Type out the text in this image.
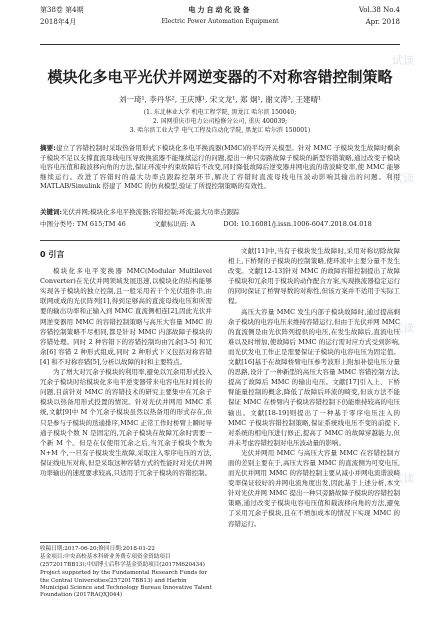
第38卷 第4期
2018年4月
电力自动化设备
Electric Power Automation Equipment
Vol.38 No.4
Apr. 2018
试读
试读
试读
试读
模块化多电平光伏并网逆变器的不对称容错控制策略
刘一琦¹, 李丹华², 王庆博¹, 宋文龙¹, 郑 炯¹, 谢文涛³, 王建晴¹
(1. 东北林业大学 机电工程学院, 黑龙江 哈尔滨 150040;
2. 国网重庆市电力公司检修分公司, 重庆 400039;
3. 哈尔滨工业大学 电气工程及自动化学院, 黑龙江 哈尔滨 150001)
摘要:建立了容错控制时采取热备用形式下模块化多电平换流器(MMC)的平均开关模型。针对 MMC 子模块发生故障时剩余子模块不足以支撑直流母线电压导致换流器不能继续运行的问题,提出一种只旁路故障子模块的新型容错策略,通过改变子模块电容电压值和载波移向角的方法,保证环流中约束故障后不改变,同时降低故障后逆变器并网电流的谐波畸变率,使 MMC 能够继续运行。改进了容错时的最大功率点跟踪控制环节,解决了容错时直流母线电压波动影响其输出的问题。利用 MATLAB/Simulink 搭建了 MMC 的仿真模型,验证了所提控制策略的有效性。
关键词:光伏并网;模块化多电平换流器;容错控制;环流;最大功率点跟踪
中图分类号: TM 615;TM 46	文献标识码: A	DOI: 10.16081/j.issn.1006-6047.2018.04.018
0 引言

模块化多电平变换器 MMC(Modular Multilevel Converter)在光伏并网领域发展迅速,以模块化的结构能够实现各子模块的独立控制,且一般采用若干个光伏组件串,由联网或成的光伏阵列[1],得到足够高的直流母线电压和所需要的输出功率和正输入到 MMC 直流侧相连[2],因此光伏并网逆变器用 MMC 的容错控制策略与高压大容量 MMC 的容错控制策略不尽相同,都是针对 MMC 内部故障子模块的容错处理。同时 2 种容错下的容错控制均由冗余[3-5] 和冗余[6] 容错 2 种形式组成,同时 2 种形式下又包括对称容错[4] 和不对称容错[5],分析以故障的时和主要特点。

为了增大对冗余子模块的利用率,避免以冗余用形式投入冗余子模块时给模块化多电平逆变器带来电容电压时间长的问题,目前针对 MMC 的容错技术的研究主要集中在冗余子模块以热备用形式投置的情况。针对光伏并网用 MMC 系统,文献[9]中 M 个冗余子模块虽然以热备用的形式存在,但只是参与子模块的迭通排序,MMC 正常工作时桥臂上瞬时导通子模块个数 N 是固定的,冗余子模块在故障冗余时需要一个新 M 个。但是在仅使用冗余之后,当冗余子模块个数为 N+M 个,一旦有子模块发生故障,采取注入零序电压的方法,保证线电压对称,但是采取这种容错方式的性能时对光伏并网功率输出的速度要求较高,只适用于冗余子模块的容错控制。

文献[11]中,当有子模块发生故障时,采用对称切除故障相上,下桥臂的子模块的控制策略,使环流中主要分量不发生改变。文献[12-13]针对 MMC 的故障容错控制提出了故障子模块和冗余用于模块的动作配合方案,实现换流器稳定运行的同时保证了桥臂导数的对称性,但该方案并不适用于实际工程。

高压大容量 MMC 发生内部子模块故障时,通过提高剩余子模块的电容电压来维持容错运行,但由于光伏并网 MMC 的直流侧是由光伏阵列提供的电压,在发生故障后,直流电压难以及时增加,使故障后 MMC 的运行需对应方式受到影响,而光伏发电工作正是需要保证子模块的电容电压为固定值。文献[16]基于在故障桥臂电压参考波形上附加补偿电压分量的思路,设计了一种新型的高压大容量 MMC 容错控制方法,提高了故障后 MMC 的输出电压。文献[17]引入上、下桥臂能量控制的概念,降低了故障后环流的畸变,但该方法不能保证 MMC 在桥臂内子模块容错控制下仍能维持较高的电压输出。文献[18-19]则提出了一种基于零序电压注入的 MMC 子模块容错控制策略,保证系统线电压不变的前提下,对系统的相电压进行修正,提高了 MMC 的故障穿越能力,但并未考虑容错控制对电压波动量的影响。

光伏并网用 MMC 与高压大容量 MMC 在容错控制方面的差别主要在于,高压大容量 MMC 的直流侧为可变电压,而光伏并网用 MMC 的容错控制主要从减小并网电流谐波畸变率保证较好的并网电流角度出发,因此基于上述分析,本文针对光伏并网 MMC 提出一种只旁路故障子模块的容错控制策略,通过改变子模块电容电压值和载波移向角的方法,避免了采用冗余子模块,且在不增加成本的情况下实现 MMC 的容错运行。

收稿日期:2017-06-20;修回日期:2018-01-22
基金项目:中央高校基本科研业务费专项资金资助项目(2572017BB13);中国博士后科学基金资助项目(2017M620434)
Project supported by the Fundamental Research Funds for the Central Universities(2572017BB13) and Harbin Municipal Science and Technology Bureau Innovative Talent Foundation (2017RAQXJ044)
